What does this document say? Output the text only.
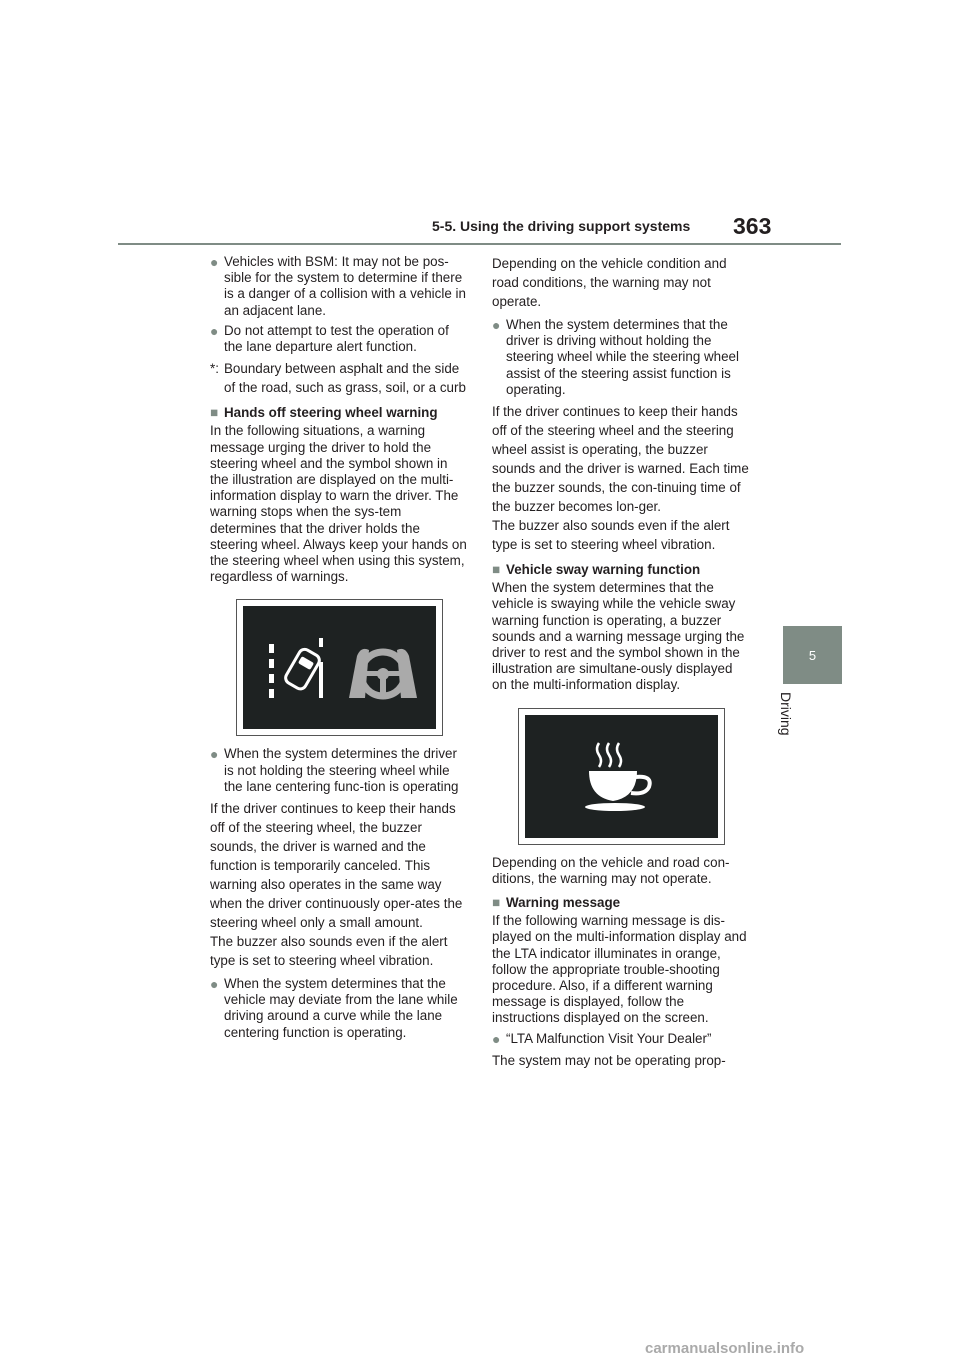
5-5. Using the driving support systems 363
5
Driving
● Vehicles with BSM: It may not be pos-sible for the system to determine if there is a danger of a collision with a vehicle in an adjacent lane.
● Do not attempt to test the operation of the lane departure alert function.
*: Boundary between asphalt and the side of the road, such as grass, soil, or a curb

■ Hands off steering wheel warning

In the following situations, a warning message urging the driver to hold the steering wheel and the symbol shown in the illustration are displayed on the multi-information display to warn the driver. The warning stops when the sys-tem determines that the driver holds the steering wheel. Always keep your hands on the steering wheel when using this system, regardless of warnings.

● When the system determines the driver is not holding the steering wheel while the lane centering func-tion is operating

If the driver continues to keep their hands off of the steering wheel, the buzzer sounds, the driver is warned and the function is temporarily canceled. This warning also operates in the same way when the driver continuously oper-ates the steering wheel only a small amount.

The buzzer also sounds even if the alert type is set to steering wheel vibration.

● When the system determines that the vehicle may deviate from the lane while driving around a curve while the lane centering function is operating.

Depending on the vehicle condition and road conditions, the warning may not operate.

● When the system determines that the driver is driving without holding the steering wheel while the steering wheel assist of the steering assist function is operating.

If the driver continues to keep their hands off of the steering wheel and the steering wheel assist is operating, the buzzer sounds and the driver is warned. Each time the buzzer sounds, the con-tinuing time of the buzzer becomes lon-ger.

The buzzer also sounds even if the alert type is set to steering wheel vibration.

■ Vehicle sway warning function

When the system determines that the vehicle is swaying while the vehicle sway warning function is operating, a buzzer sounds and a warning message urging the driver to rest and the symbol shown in the illustration are simultane-ously displayed on the multi-information display.

Depending on the vehicle and road con-ditions, the warning may not operate.

■ Warning message

If the following warning message is dis-played on the multi-information display and the LTA indicator illuminates in orange, follow the appropriate trouble-shooting procedure. Also, if a different warning message is displayed, follow the instructions displayed on the screen.

● “LTA Malfunction Visit Your Dealer”

The system may not be operating prop-

carmanualsonline.info
